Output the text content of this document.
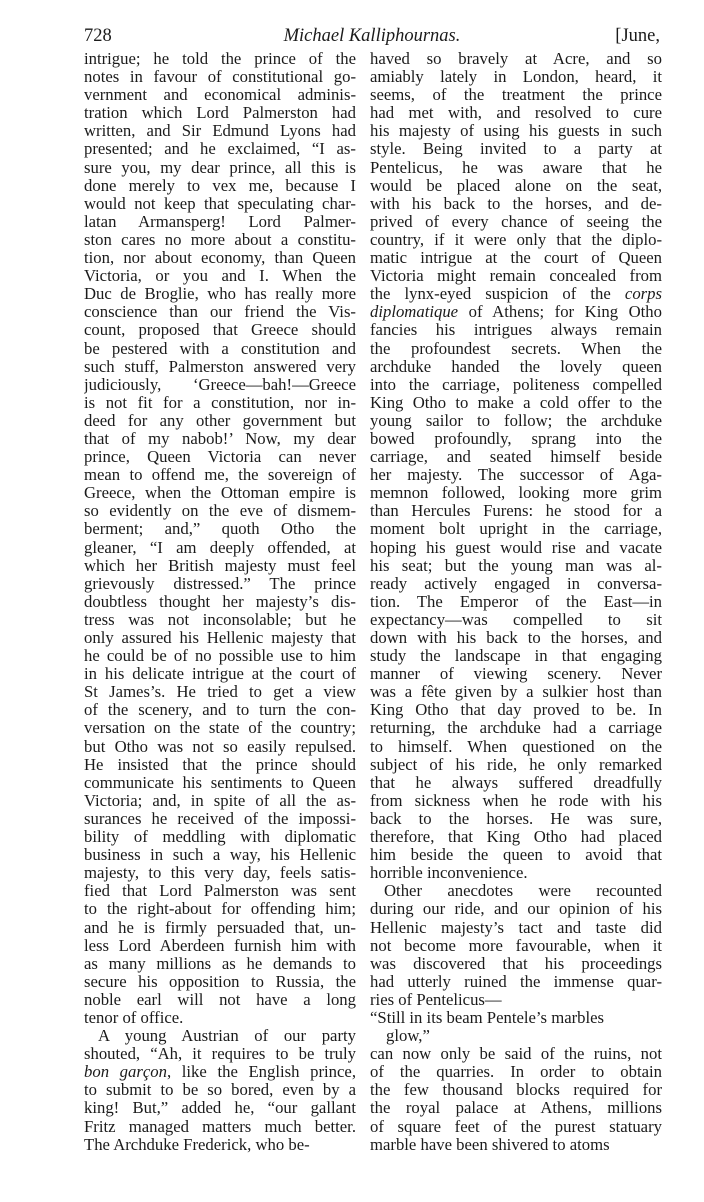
728	Michael Kalliphournas.	[June,
intrigue; he told the prince of the
notes in favour of constitutional go-
vernment and economical adminis-
tration which Lord Palmerston had
written, and Sir Edmund Lyons had
presented; and he exclaimed, “I as-
sure you, my dear prince, all this is
done merely to vex me, because I
would not keep that speculating char-
latan Armansperg! Lord Palmer-
ston cares no more about a constitu-
tion, nor about economy, than Queen
Victoria, or you and I. When the
Duc de Broglie, who has really more
conscience than our friend the Vis-
count, proposed that Greece should
be pestered with a constitution and
such stuff, Palmerston answered very
judiciously, ‘Greece—bah!—Greece
is not fit for a constitution, nor in-
deed for any other government but
that of my nabob!’ Now, my dear
prince, Queen Victoria can never
mean to offend me, the sovereign of
Greece, when the Ottoman empire is
so evidently on the eve of dismem-
berment; and,” quoth Otho the
gleaner, “I am deeply offended, at
which her British majesty must feel
grievously distressed.” The prince
doubtless thought her majesty’s dis-
tress was not inconsolable; but he
only assured his Hellenic majesty that
he could be of no possible use to him
in his delicate intrigue at the court of
St James’s. He tried to get a view
of the scenery, and to turn the con-
versation on the state of the country;
but Otho was not so easily repulsed.
He insisted that the prince should
communicate his sentiments to Queen
Victoria; and, in spite of all the as-
surances he received of the impossi-
bility of meddling with diplomatic
business in such a way, his Hellenic
majesty, to this very day, feels satis-
fied that Lord Palmerston was sent
to the right-about for offending him;
and he is firmly persuaded that, un-
less Lord Aberdeen furnish him with
as many millions as he demands to
secure his opposition to Russia, the
noble earl will not have a long
tenor of office.
A young Austrian of our party
shouted, “Ah, it requires to be truly
bon garçon, like the English prince,
to submit to be so bored, even by a
king! But,” added he, “our gallant
Fritz managed matters much better.
The Archduke Frederick, who be-
haved so bravely at Acre, and so
amiably lately in London, heard, it
seems, of the treatment the prince
had met with, and resolved to cure
his majesty of using his guests in such
style. Being invited to a party at
Pentelicus, he was aware that he
would be placed alone on the seat,
with his back to the horses, and de-
prived of every chance of seeing the
country, if it were only that the diplo-
matic intrigue at the court of Queen
Victoria might remain concealed from
the lynx-eyed suspicion of the corps
diplomatique of Athens; for King Otho
fancies his intrigues always remain
the profoundest secrets. When the
archduke handed the lovely queen
into the carriage, politeness compelled
King Otho to make a cold offer to the
young sailor to follow; the archduke
bowed profoundly, sprang into the
carriage, and seated himself beside
her majesty. The successor of Aga-
memnon followed, looking more grim
than Hercules Furens: he stood for a
moment bolt upright in the carriage,
hoping his guest would rise and vacate
his seat; but the young man was al-
ready actively engaged in conversa-
tion. The Emperor of the East—in
expectancy—was compelled to sit
down with his back to the horses, and
study the landscape in that engaging
manner of viewing scenery. Never
was a fête given by a sulkier host than
King Otho that day proved to be. In
returning, the archduke had a carriage
to himself. When questioned on the
subject of his ride, he only remarked
that he always suffered dreadfully
from sickness when he rode with his
back to the horses. He was sure,
therefore, that King Otho had placed
him beside the queen to avoid that
horrible inconvenience.
Other anecdotes were recounted
during our ride, and our opinion of his
Hellenic majesty’s tact and taste did
not become more favourable, when it
was discovered that his proceedings
had utterly ruined the immense quar-
ries of Pentelicus—
“Still in its beam Pentele’s marbles
glow,”
can now only be said of the ruins, not
of the quarries. In order to obtain
the few thousand blocks required for
the royal palace at Athens, millions
of square feet of the purest statuary
marble have been shivered to atoms
